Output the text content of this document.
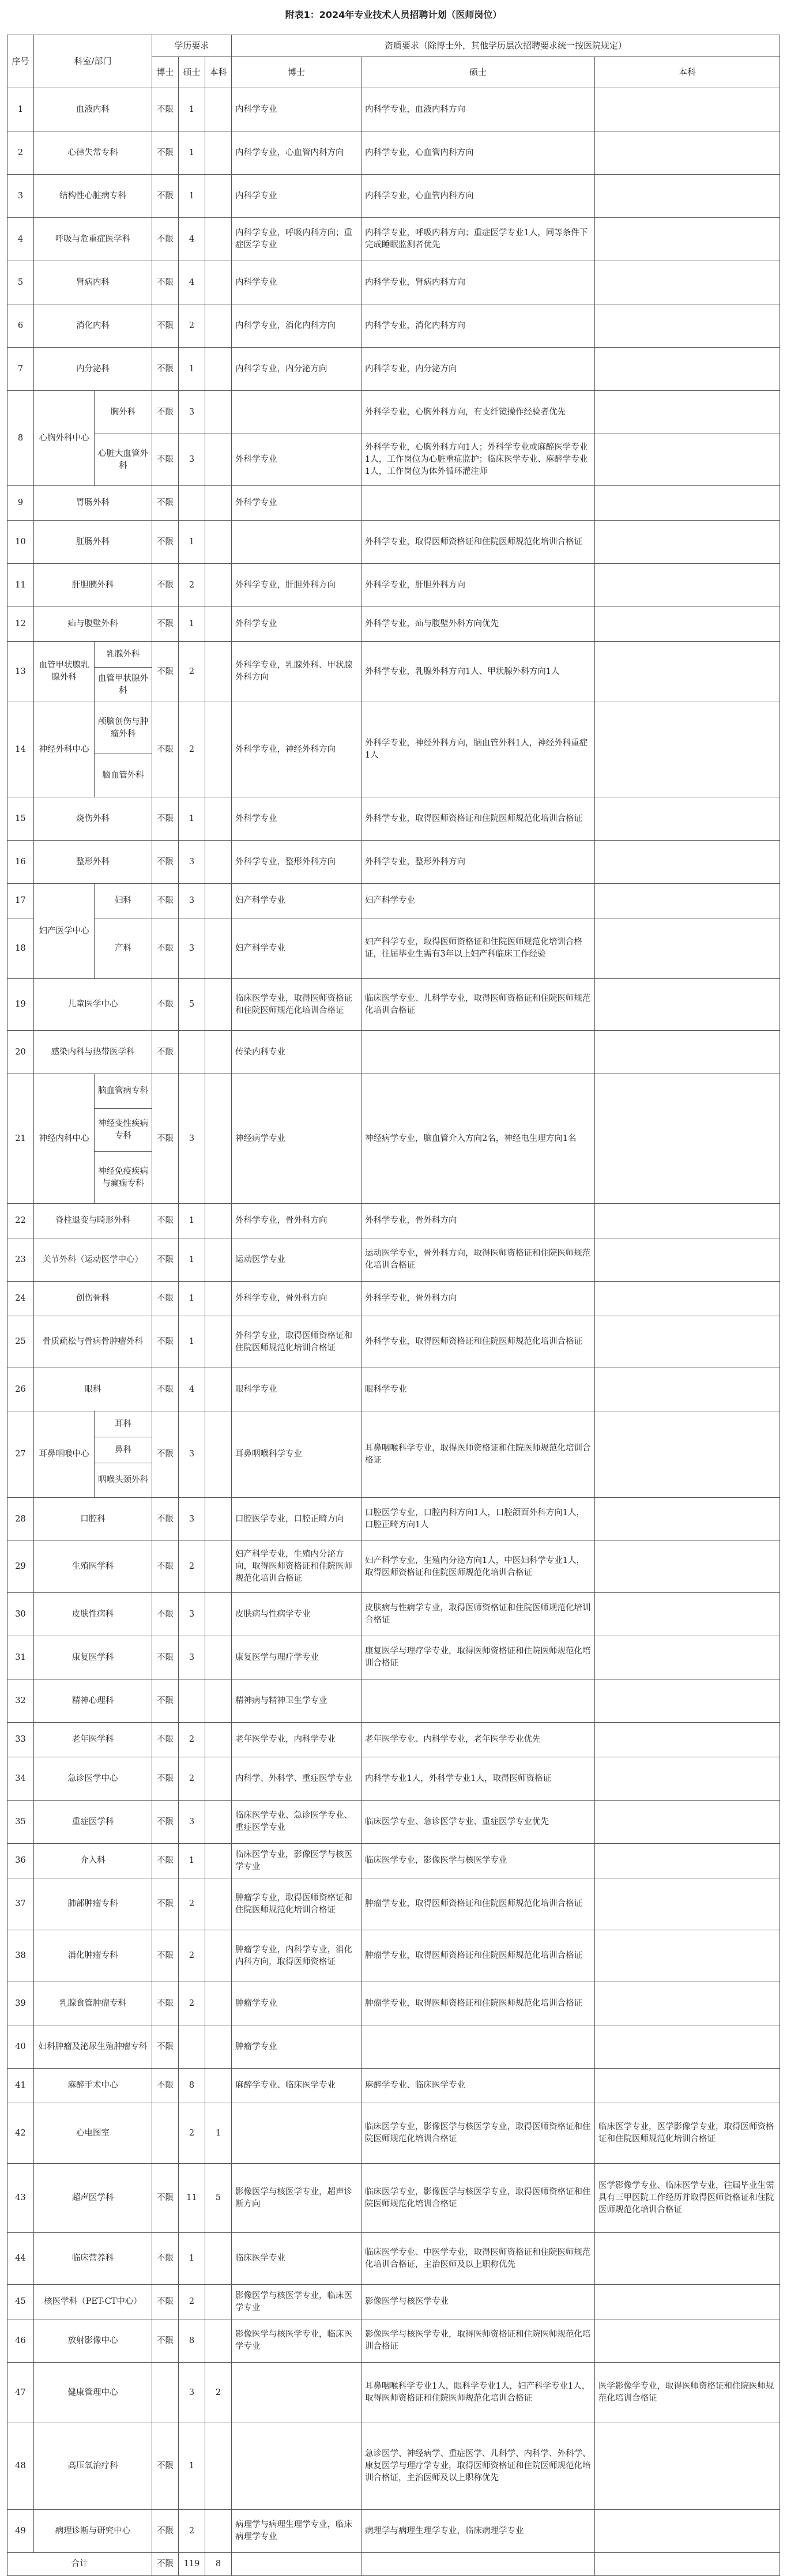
附表1：2024年专业技术人员招聘计划（医师岗位）
序号	科室/部门		学历要求			资质要求（除博士外，其他学历层次招聘要求统一按医院规定）		
			博士	硕士	本科	博士	硕士	本科

1	血液内科		不限	1		内科学专业	内科学专业，血液内科方向	
2	心律失常专科		不限	1		内科学专业，心血管内科方向	内科学专业，心血管内科方向	
3	结构性心脏病专科		不限	1		内科学专业	内科学专业，心血管内科方向	
4	呼吸与危重症医学科		不限	4		内科学专业，呼吸内科方向；重症医学专业	内科学专业，呼吸内科方向；重症医学专业1人，同等条件下完成睡眠监测者优先	
5	肾病内科		不限	4		内科学专业	内科学专业，肾病内科方向	
6	消化内科		不限	2		内科学专业，消化内科方向	内科学专业，消化内科方向	
7	内分泌科		不限	1		内科学专业，内分泌方向	内科学专业，内分泌方向	
8	心胸外科中心	胸外科	不限	3			外科学专业，心胸外科方向，有支纤镜操作经验者优先	
		心脏大血管外科	不限	3		外科学专业	外科学专业，心胸外科方向1人；外科学专业或麻醉医学专业1人，工作岗位为心脏重症监护；临床医学专业、麻醉学专业1人，工作岗位为体外循环灌注师	
9	胃肠外科		不限			外科学专业		
10	肛肠外科		不限	1			外科学专业，取得医师资格证和住院医师规范化培训合格证	
11	肝胆胰外科		不限	2		外科学专业，肝胆外科方向	外科学专业，肝胆外科方向	
12	疝与腹壁外科		不限	1		外科学专业	外科学专业，疝与腹壁外科方向优先	
13	血管甲状腺乳腺外科	乳腺外科	不限	2		外科学专业，乳腺外科、甲状腺外科方向	外科学专业，乳腺外科方向1人、甲状腺外科方向1人	
		血管甲状腺外科						
14	神经外科中心	颅脑创伤与肿瘤外科	不限	2		外科学专业，神经外科方向	外科学专业，神经外科方向，脑血管外科1人，神经外科重症1人	
		脑血管外科						
15	烧伤外科		不限	1		外科学专业	外科学专业，取得医师资格证和住院医师规范化培训合格证	
16	整形外科		不限	3		外科学专业，整形外科方向	外科学专业，整形外科方向	
17	妇产医学中心	妇科	不限	3		妇产科学专业	妇产科学专业	
18		产科	不限	3		妇产科学专业	妇产科学专业，取得医师资格证和住院医师规范化培训合格证，往届毕业生需有3年以上妇产科临床工作经验	
19	儿童医学中心		不限	5		临床医学专业，取得医师资格证和住院医师规范化培训合格证	临床医学专业、儿科学专业，取得医师资格证和住院医师规范化培训合格证	
20	感染内科与热带医学科		不限			传染内科专业		
21	神经内科中心	脑血管病专科	不限	3		神经病学专业	神经病学专业，脑血管介入方向2名，神经电生理方向1名	
		神经变性疾病专科						
		神经免疫疾病与癫痫专科						
22	脊柱退变与畸形外科		不限	1		外科学专业，骨外科方向	外科学专业，骨外科方向	
23	关节外科（运动医学中心）		不限	1		运动医学专业	运动医学专业，骨外科方向，取得医师资格证和住院医师规范化培训合格证	
24	创伤骨科		不限	1		外科学专业，骨外科方向	外科学专业，骨外科方向	
25	骨质疏松与骨病骨肿瘤外科		不限	1		外科学专业，取得医师资格证和住院医师规范化培训合格证	外科学专业，取得医师资格证和住院医师规范化培训合格证	
26	眼科		不限	4		眼科学专业	眼科学专业	
27	耳鼻咽喉中心	耳科	不限	3		耳鼻咽喉科学专业	耳鼻咽喉科学专业，取得医师资格证和住院医师规范化培训合格证	
		鼻科						
		咽喉头颈外科						
28	口腔科		不限	3		口腔医学专业，口腔正畸方向	口腔医学专业，口腔内科方向1人，口腔颌面外科方向1人，口腔正畸方向1人	
29	生殖医学科		不限	2		妇产科学专业，生殖内分泌方向，取得医师资格证和住院医师规范化培训合格证	妇产科学专业，生殖内分泌方向1人，中医妇科学专业1人，取得医师资格证和住院医师规范化培训合格证	
30	皮肤性病科		不限	3		皮肤病与性病学专业	皮肤病与性病学专业，取得医师资格证和住院医师规范化培训合格证	
31	康复医学科		不限	3		康复医学与理疗学专业	康复医学与理疗学专业，取得医师资格证和住院医师规范化培训合格证	
32	精神心理科		不限			精神病与精神卫生学专业		
33	老年医学科		不限	2		老年医学专业，内科学专业	老年医学专业、内科学专业，老年医学专业优先	
34	急诊医学中心		不限	2		内科学、外科学、重症医学专业	内科学专业1人，外科学专业1人，取得医师资格证	
35	重症医学科		不限	3		临床医学专业、急诊医学专业、重症医学专业	临床医学专业、急诊医学专业、重症医学专业优先	
36	介入科		不限	1		临床医学专业，影像医学与核医学专业	临床医学专业，影像医学与核医学专业	
37	肺部肿瘤专科		不限	2		肿瘤学专业，取得医师资格证和住院医师规范化培训合格证	肿瘤学专业，取得医师资格证和住院医师规范化培训合格证	
38	消化肿瘤专科		不限	2		肿瘤学专业，内科学专业，消化内科方向，取得医师资格证	肿瘤学专业，取得医师资格证和住院医师规范化培训合格证	
39	乳腺食管肿瘤专科		不限	2		肿瘤学专业	肿瘤学专业，取得医师资格证和住院医师规范化培训合格证	
40	妇科肿瘤及泌尿生殖肿瘤专科		不限			肿瘤学专业		
41	麻醉手术中心		不限	8		麻醉学专业、临床医学专业	麻醉学专业、临床医学专业	
42	心电图室			2	1		临床医学专业，影像医学与核医学专业，取得医师资格证和住院医师规范化培训合格证	临床医学专业，医学影像学专业，取得医师资格证和住院医师规范化培训合格证
43	超声医学科		不限	11	5	影像医学与核医学专业，超声诊断方向	临床医学专业，影像医学与核医学专业，取得医师资格证和住院医师规范化培训合格证	医学影像学专业、临床医学专业，往届毕业生需具有三甲医院工作经历并取得医师资格证和住院医师规范化培训合格证
44	临床营养科		不限	1		临床医学专业	临床医学专业、中医学专业，取得医师资格证和住院医师规范化培训合格证，主治医师及以上职称优先	
45	核医学科（PET-CT中心）		不限	2		影像医学与核医学专业，临床医学专业	影像医学与核医学专业	
46	放射影像中心		不限	8		影像医学与核医学专业，临床医学专业	影像医学与核医学专业，取得医师资格证和住院医师规范化培训合格证	
47	健康管理中心			3	2		耳鼻咽喉科学专业1人，眼科学专业1人，妇产科学专业1人，取得医师资格证和住院医师规范化培训合格证	医学影像学专业，取得医师资格证和住院医师规范化培训合格证
48	高压氧治疗科		不限	1			急诊医学、神经病学、重症医学、儿科学、内科学、外科学、康复医学与理疗学专业，取得医师资格证和住院医师规范化培训合格证，主治医师及以上职称优先	
49	病理诊断与研究中心		不限	2		病理学与病理生理学专业，临床病理学专业	病理学与病理生理学专业，临床病理学专业	
合计			不限	119	8			
